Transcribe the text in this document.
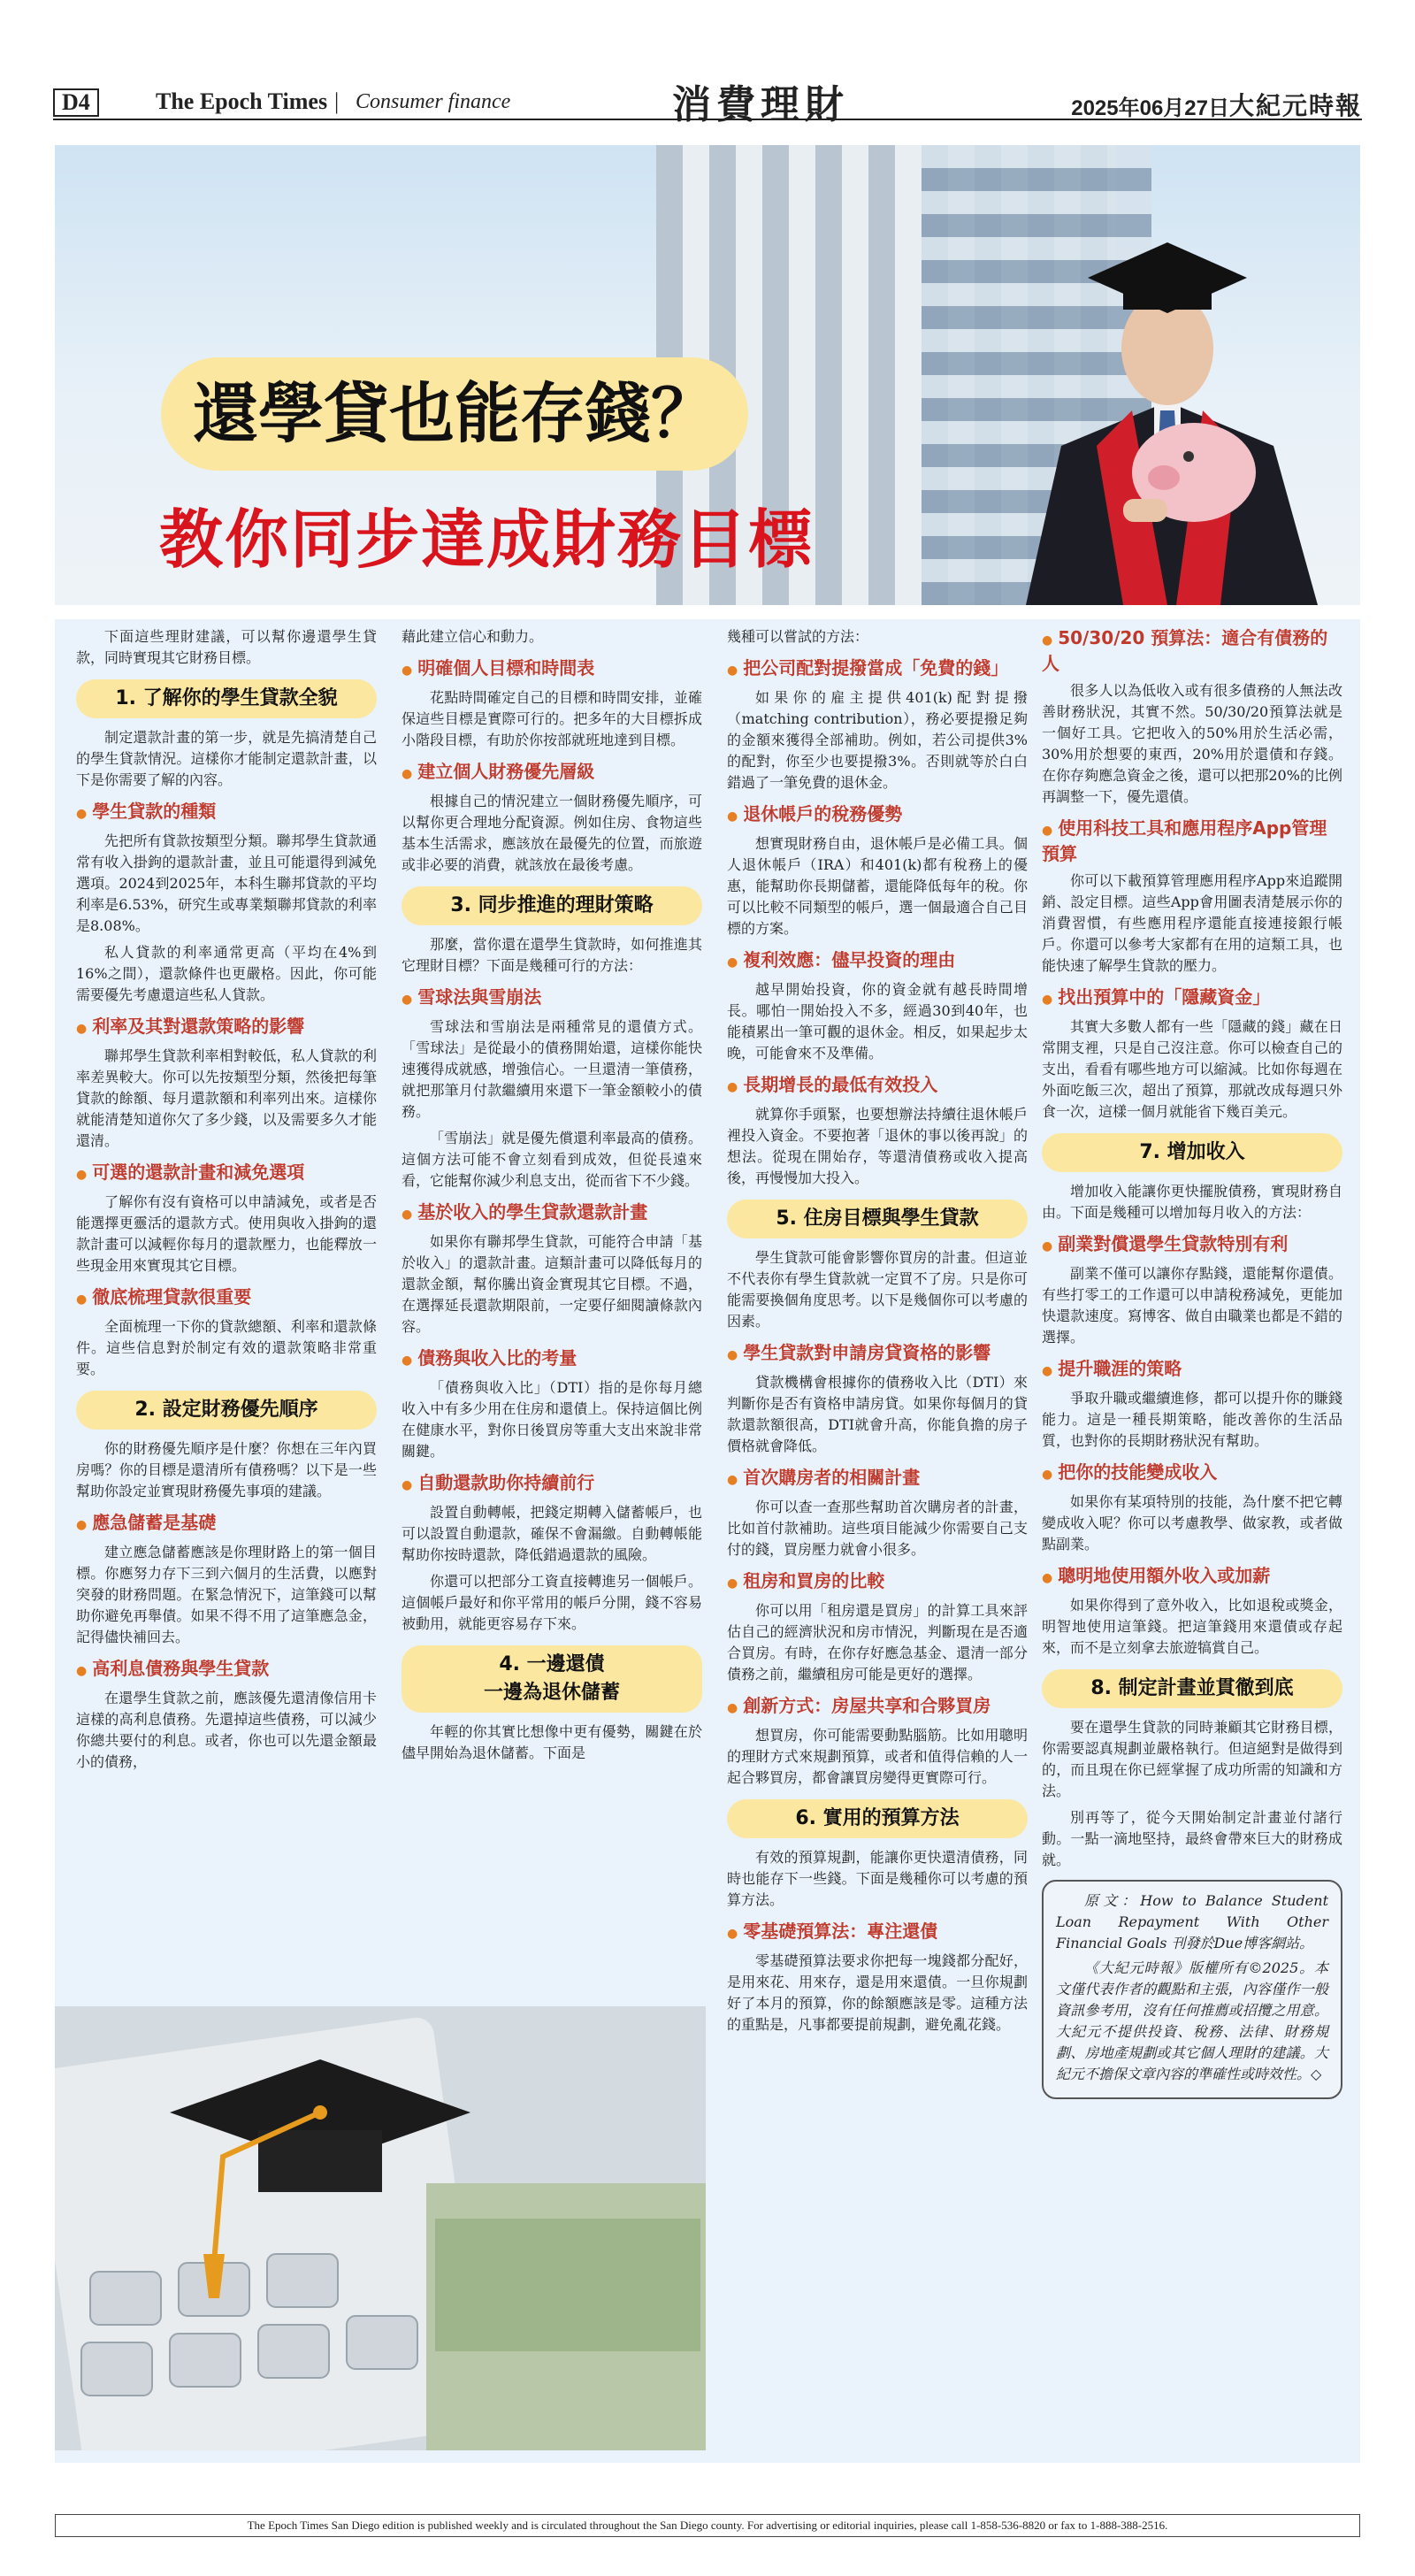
D4	The Epoch Times | Consumer finance	消費理財	2025年06月27日 大紀元時報
還學貸也能存錢？
教你同步達成財務目標

下面這些理財建議，可以幫你邊還學生貸款，同時實現其它財務目標。

1. 了解你的學生貸款全貌

制定還款計畫的第一步，就是先搞清楚自己的學生貸款情況。這樣你才能制定還款計畫，以下是你需要了解的內容。

● 學生貸款的種類

先把所有貸款按類型分類。聯邦學生貸款通常有收入掛鉤的還款計畫，並且可能還得到減免選項。2024到2025年，本科生聯邦貸款的平均利率是6.53%，研究生或專業類聯邦貸款的利率是8.08%。

私人貸款的利率通常更高（平均在4%到16%之間），還款條件也更嚴格。因此，你可能需要優先考慮還這些私人貸款。

● 利率及其對還款策略的影響

聯邦學生貸款利率相對較低，私人貸款的利率差異較大。你可以先按類型分類，然後把每筆貸款的餘額、每月還款額和利率列出來。這樣你就能清楚知道你欠了多少錢，以及需要多久才能還清。

● 可選的還款計畫和減免選項

了解你有沒有資格可以申請減免，或者是否能選擇更靈活的還款方式。使用與收入掛鉤的還款計畫可以減輕你每月的還款壓力，也能釋放一些現金用來實現其它目標。

● 徹底梳理貸款很重要

全面梳理一下你的貸款總額、利率和還款條件。這些信息對於制定有效的還款策略非常重要。

2. 設定財務優先順序

你的財務優先順序是什麼？你想在三年內買房嗎？你的目標是還清所有債務嗎？以下是一些幫助你設定並實現財務優先事項的建議。

● 應急儲蓄是基礎

建立應急儲蓄應該是你理財路上的第一個目標。你應努力存下三到六個月的生活費，以應對突發的財務問題。在緊急情況下，這筆錢可以幫助你避免再舉債。如果不得不用了這筆應急金，記得儘快補回去。

● 高利息債務與學生貸款

在還學生貸款之前，應該優先還清像信用卡這樣的高利息債務。先還掉這些債務，可以減少你總共要付的利息。或者，你也可以先還金額最小的債務，

藉此建立信心和動力。

● 明確個人目標和時間表

花點時間確定自己的目標和時間安排，並確保這些目標是實際可行的。把多年的大目標拆成小階段目標，有助於你按部就班地達到目標。

● 建立個人財務優先層級

根據自己的情況建立一個財務優先順序，可以幫你更合理地分配資源。例如住房、食物這些基本生活需求，應該放在最優先的位置，而旅遊或非必要的消費，就該放在最後考慮。

3. 同步推進的理財策略

那麼，當你還在還學生貸款時，如何推進其它理財目標？下面是幾種可行的方法：

● 雪球法與雪崩法

雪球法和雪崩法是兩種常見的還債方式。「雪球法」是從最小的債務開始還，這樣你能快速獲得成就感，增強信心。一旦還清一筆債務，就把那筆月付款繼續用來還下一筆金額較小的債務。

「雪崩法」就是優先償還利率最高的債務。這個方法可能不會立刻看到成效，但從長遠來看，它能幫你減少利息支出，從而省下不少錢。

● 基於收入的學生貸款還款計畫

如果你有聯邦學生貸款，可能符合申請「基於收入」的還款計畫。這類計畫可以降低每月的還款金額，幫你騰出資金實現其它目標。不過，在選擇延長還款期限前，一定要仔細閱讀條款內容。

● 債務與收入比的考量

「債務與收入比」（DTI）指的是你每月總收入中有多少用在住房和還債上。保持這個比例在健康水平，對你日後買房等重大支出來說非常關鍵。

● 自動還款助你持續前行

設置自動轉帳，把錢定期轉入儲蓄帳戶，也可以設置自動還款，確保不會漏繳。自動轉帳能幫助你按時還款，降低錯過還款的風險。

你還可以把部分工資直接轉進另一個帳戶。這個帳戶最好和你平常用的帳戶分開，錢不容易被動用，就能更容易存下來。

4. 一邊還債
一邊為退休儲蓄

年輕的你其實比想像中更有優勢，關鍵在於儘早開始為退休儲蓄。下面是

幾種可以嘗試的方法：

● 把公司配對提撥當成「免費的錢」

如果你的雇主提供401(k)配對提撥（matching contribution），務必要提撥足夠的金額來獲得全部補助。例如，若公司提供3%的配對，你至少也要提撥3%。否則就等於白白錯過了一筆免費的退休金。

● 退休帳戶的稅務優勢

想實現財務自由，退休帳戶是必備工具。個人退休帳戶（IRA）和401(k)都有稅務上的優惠，能幫助你長期儲蓄，還能降低每年的稅。你可以比較不同類型的帳戶，選一個最適合自己目標的方案。

● 複利效應：儘早投資的理由

越早開始投資，你的資金就有越長時間增長。哪怕一開始投入不多，經過30到40年，也能積累出一筆可觀的退休金。相反，如果起步太晚，可能會來不及準備。

● 長期增長的最低有效投入

就算你手頭緊，也要想辦法持續往退休帳戶裡投入資金。不要抱著「退休的事以後再說」的想法。從現在開始存，等還清債務或收入提高後，再慢慢加大投入。

5. 住房目標與學生貸款

學生貸款可能會影響你買房的計畫。但這並不代表你有學生貸款就一定買不了房。只是你可能需要換個角度思考。以下是幾個你可以考慮的因素。

● 學生貸款對申請房貸資格的影響

貸款機構會根據你的債務收入比（DTI）來判斷你是否有資格申請房貸。如果你每個月的貸款還款額很高，DTI就會升高，你能負擔的房子價格就會降低。

● 首次購房者的相關計畫

你可以查一查那些幫助首次購房者的計畫，比如首付款補助。這些項目能減少你需要自己支付的錢，買房壓力就會小很多。

● 租房和買房的比較

你可以用「租房還是買房」的計算工具來評估自己的經濟狀況和房市情況，判斷現在是否適合買房。有時，在你存好應急基金、還清一部分債務之前，繼續租房可能是更好的選擇。

● 創新方式：房屋共享和合夥買房

想買房，你可能需要動點腦筋。比如用聰明的理財方式來規劃預算，或者和值得信賴的人一起合夥買房，都會讓買房變得更實際可行。

6. 實用的預算方法

有效的預算規劃，能讓你更快還清債務，同時也能存下一些錢。下面是幾種你可以考慮的預算方法。

● 零基礎預算法：專注還債

零基礎預算法要求你把每一塊錢都分配好，是用來花、用來存，還是用來還債。一旦你規劃好了本月的預算，你的餘額應該是零。這種方法的重點是，凡事都要提前規劃，避免亂花錢。

● 50/30/20 預算法：適合有債務的人

很多人以為低收入或有很多債務的人無法改善財務狀況，其實不然。50/30/20預算法就是一個好工具。它把收入的50%用於生活必需，30%用於想要的東西，20%用於還債和存錢。在你存夠應急資金之後，還可以把那20%的比例再調整一下，優先還債。

● 使用科技工具和應用程序App管理預算

你可以下載預算管理應用程序App來追蹤開銷、設定目標。這些App會用圖表清楚展示你的消費習慣，有些應用程序還能直接連接銀行帳戶。你還可以參考大家都有在用的這類工具，也能快速了解學生貸款的壓力。

● 找出預算中的「隱藏資金」

其實大多數人都有一些「隱藏的錢」藏在日常開支裡，只是自己沒注意。你可以檢查自己的支出，看看有哪些地方可以縮減。比如你每週在外面吃飯三次，超出了預算，那就改成每週只外食一次，這樣一個月就能省下幾百美元。

7. 增加收入

增加收入能讓你更快擺脫債務，實現財務自由。下面是幾種可以增加每月收入的方法：

● 副業對償還學生貸款特別有利

副業不僅可以讓你存點錢，還能幫你還債。有些打零工的工作還可以申請稅務減免，更能加快還款速度。寫博客、做自由職業也都是不錯的選擇。

● 提升職涯的策略

爭取升職或繼續進修，都可以提升你的賺錢能力。這是一種長期策略，能改善你的生活品質，也對你的長期財務狀況有幫助。

● 把你的技能變成收入

如果你有某項特別的技能，為什麼不把它轉變成收入呢？你可以考慮教學、做家教，或者做點副業。

● 聰明地使用額外收入或加薪

如果你得到了意外收入，比如退稅或獎金，明智地使用這筆錢。把這筆錢用來還債或存起來，而不是立刻拿去旅遊犒賞自己。

8. 制定計畫並貫徹到底

要在還學生貸款的同時兼顧其它財務目標，你需要認真規劃並嚴格執行。但這絕對是做得到的，而且現在你已經掌握了成功所需的知識和方法。

別再等了，從今天開始制定計畫並付諸行動。一點一滴地堅持，最終會帶來巨大的財務成就。

原文：How to Balance Student Loan Repayment With Other Financial Goals 刊發於Due博客網站。

《大紀元時報》版權所有©2025。本文僅代表作者的觀點和主張，內容僅作一般資訊參考用，沒有任何推薦或招攬之用意。大紀元不提供投資、稅務、法律、財務規劃、房地產規劃或其它個人理財的建議。大紀元不擔保文章內容的準確性或時效性。◇

The Epoch Times San Diego edition is published weekly and is circulated throughout the San Diego county. For advertising or editorial inquiries, please call 1-858-536-8820 or fax to 1-888-388-2516.
